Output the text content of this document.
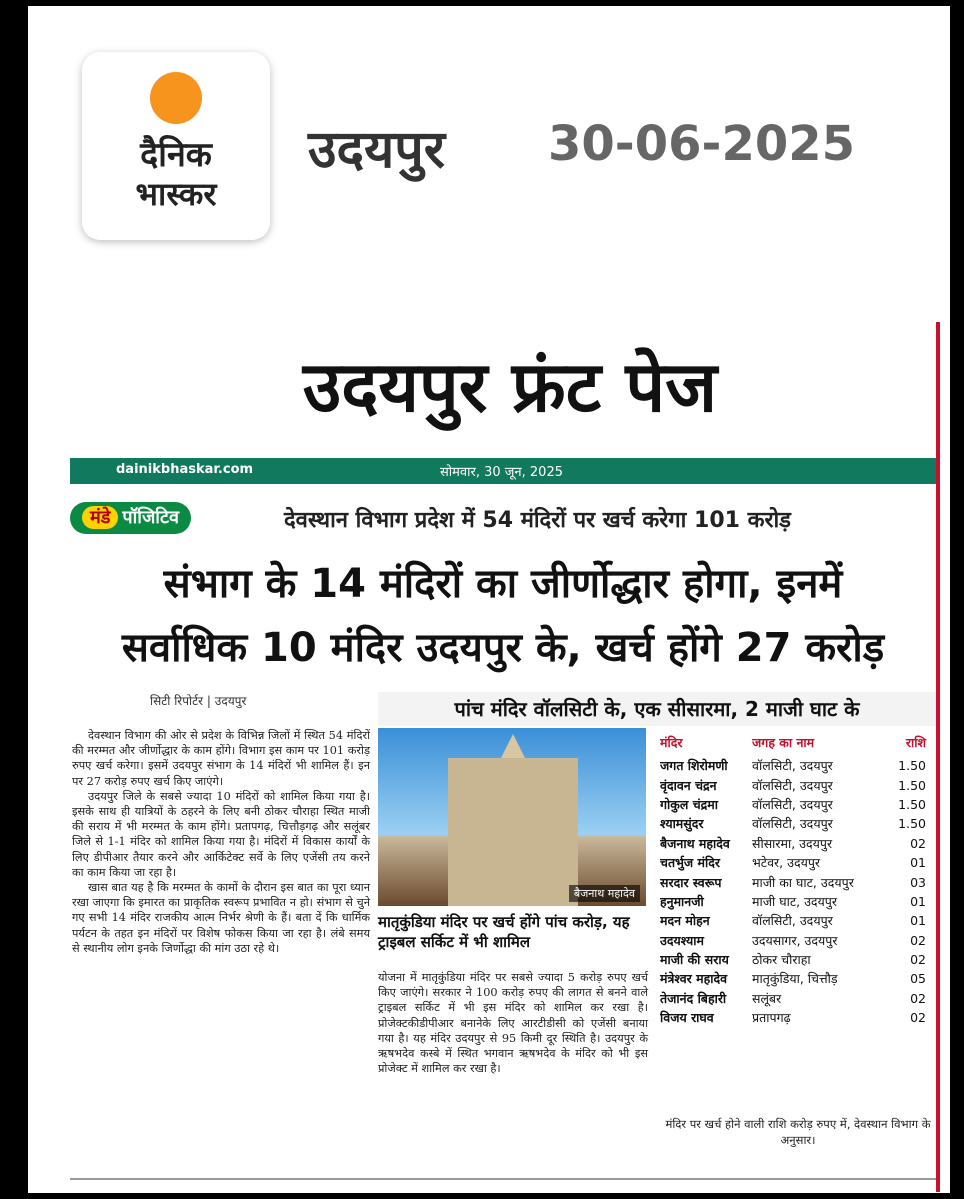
दैनिक
भास्कर
उदयपुर 30-06-2025
उदयपुर फ्रंट पेज
dainikbhaskar.com	सोमवार, 30 जून, 2025
मंडे पॉजिटिव	देवस्थान विभाग प्रदेश में 54 मंदिरों पर खर्च करेगा 101 करोड़
संभाग के 14 मंदिरों का जीर्णोद्धार होगा, इनमें
सर्वाधिक 10 मंदिर उदयपुर के, खर्च होंगे 27 करोड़
सिटी रिपोर्टर | उदयपुर	पांच मंदिर वॉलसिटी के, एक सीसारमा, 2 माजी घाट के

देवस्थान विभाग की ओर से प्रदेश के विभिन्न जिलों में स्थित 54 मंदिरों की मरम्मत और जीर्णोद्धार के काम होंगे। विभाग इस काम पर 101 करोड़ रुपए खर्च करेगा। इसमें उदयपुर संभाग के 14 मंदिरों भी शामिल हैं। इन पर 27 करोड़ रुपए खर्च किए जाएंगे।

उदयपुर जिले के सबसे ज्यादा 10 मंदिरों को शामिल किया गया है। इसके साथ ही यात्रियों के ठहरने के लिए बनी ठोकर चौराहा स्थित माजी की सराय में भी मरम्मत के काम होंगे। प्रतापगढ़, चित्तौड़गढ़ और सलूंबर जिले से 1-1 मंदिर को शामिल किया गया है। मंदिरों में विकास कार्यों के लिए डीपीआर तैयार करने और आर्किटेक्ट सर्वे के लिए एजेंसी तय करने का काम किया जा रहा है।

खास बात यह है कि मरम्मत के कामों के दौरान इस बात का पूरा ध्यान रखा जाएगा कि इमारत का प्राकृतिक स्वरूप प्रभावित न हो। संभाग से चुने गए सभी 14 मंदिर राजकीय आत्म निर्भर श्रेणी के हैं। बता दें कि धार्मिक पर्यटन के तहत इन मंदिरों पर विशेष फोकस किया जा रहा है। लंबे समय से स्थानीय लोग इनके जिर्णोद्धा की मांग उठा रहे थे।

बैजनाथ महादेव
मातृकुंडिया मंदिर पर खर्च होंगे पांच करोड़, यह ट्राइबल सर्किट में भी शामिल
योजना में मातृकुंडिया मंदिर पर सबसे ज्यादा 5 करोड़ रुपए खर्च किए जाएंगे। सरकार ने 100 करोड़ रुपए की लागत से बनने वाले ट्राइबल सर्किट में भी इस मंदिर को शामिल कर रखा है। प्रोजेक्टकीडीपीआर बनानेके लिए आरटीडीसी को एजेंसी बनाया गया है। यह मंदिर उदयपुर से 95 किमी दूर स्थिति है। उदयपुर के ऋषभदेव कस्बे में स्थित भगवान ऋषभदेव के मंदिर को भी इस प्रोजेक्ट में शामिल कर रखा है।
मंदिर	जगह का नाम	राशि
जगत शिरोमणी	वॉलसिटी, उदयपुर	1.50
वृंदावन चंद्रन	वॉलसिटी, उदयपुर	1.50
गोकुल चंद्रमा	वॉलसिटी, उदयपुर	1.50
श्यामसुंदर	वॉलसिटी, उदयपुर	1.50
बैजनाथ महादेव	सीसारमा, उदयपुर	02
चतर्भुज मंदिर	भटेवर, उदयपुर	01
सरदार स्वरूप	माजी का घाट, उदयपुर	03
हनुमानजी	माजी घाट, उदयपुर	01
मदन मोहन	वॉलसिटी, उदयपुर	01
उदयश्याम	उदयसागर, उदयपुर	02
माजी की सराय	ठोकर चौराहा	02
मंत्रेश्वर महादेव	मातृकुंडिया, चित्तौड़	05
तेजानंद बिहारी	सलूंबर	02
विजय राघव	प्रतापगढ़	02
मंदिर पर खर्च होने वाली राशि करोड़ रुपए में, देवस्थान विभाग के अनुसार।
